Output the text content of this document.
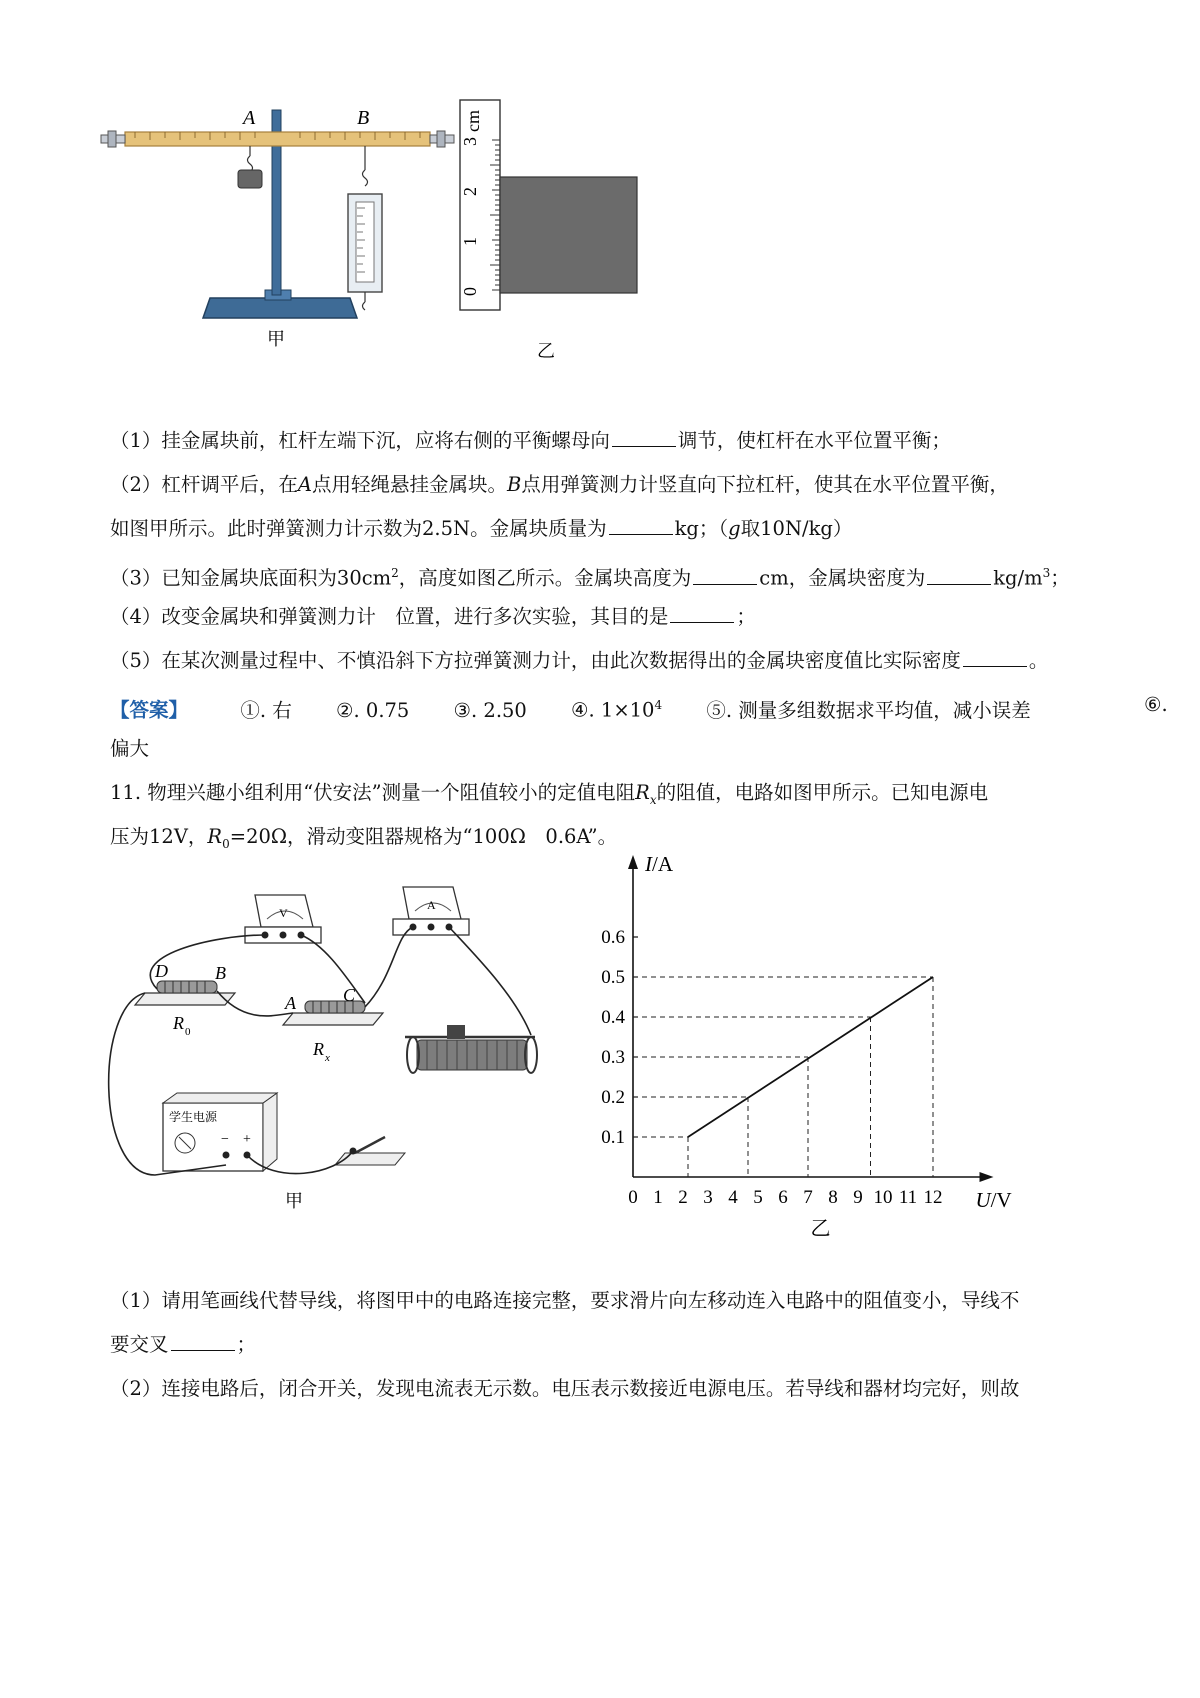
A	B
甲
0
1
2
3
cm
乙
（1）挂金属块前，杠杆左端下沉，应将右侧的平衡螺母向	调节，使杠杆在水平位置平衡；
（2）杠杆调平后，在A点用轻绳悬挂金属块。B点用弹簧测力计竖直向下拉杠杆，使其在水平位置平衡，
如图甲所示。此时弹簧测力计示数为2.5N。金属块质量为	kg；（g取10N/kg）
（3）已知金属块底面积为$30cm^2$，高度如图乙所示。金属块高度为	cm，金属块密度为	$kg/m^3$；
（4）改变金属块和弹簧测力计　位置，进行多次实验，其目的是	；
（5）在某次测量过程中、不慎沿斜下方拉弹簧测力计，由此次数据得出的金属块密度值比实际密度	。
【答案】	①. 右 ②. 0.75 ③. 2.50 ④. $1\times 10^4$ ⑤. 测量多组数据求平均值，减小误差	⑥.
偏大
11. 物理兴趣小组利用“伏安法”测量一个阻值较小的定值电阻$R_x$的阻值，电路如图甲所示。已知电源电
压为12V，$R_0=20\Omega$，滑动变阻器规格为“100Ω　0.6A”。
V
A
D	B
R 0
A	C
R x
学生电源
− +
甲	0 1 2 3 4 5 6 7 8 9 10 11 12
0.1
0.2
0.3
0.4
0.5
0.6
I/A
U/V
乙
（1）请用笔画线代替导线，将图甲中的电路连接完整，要求滑片向左移动连入电路中的阻值变小，导线不
要交叉	；
（2）连接电路后，闭合开关，发现电流表无示数。电压表示数接近电源电压。若导线和器材均完好，则故
